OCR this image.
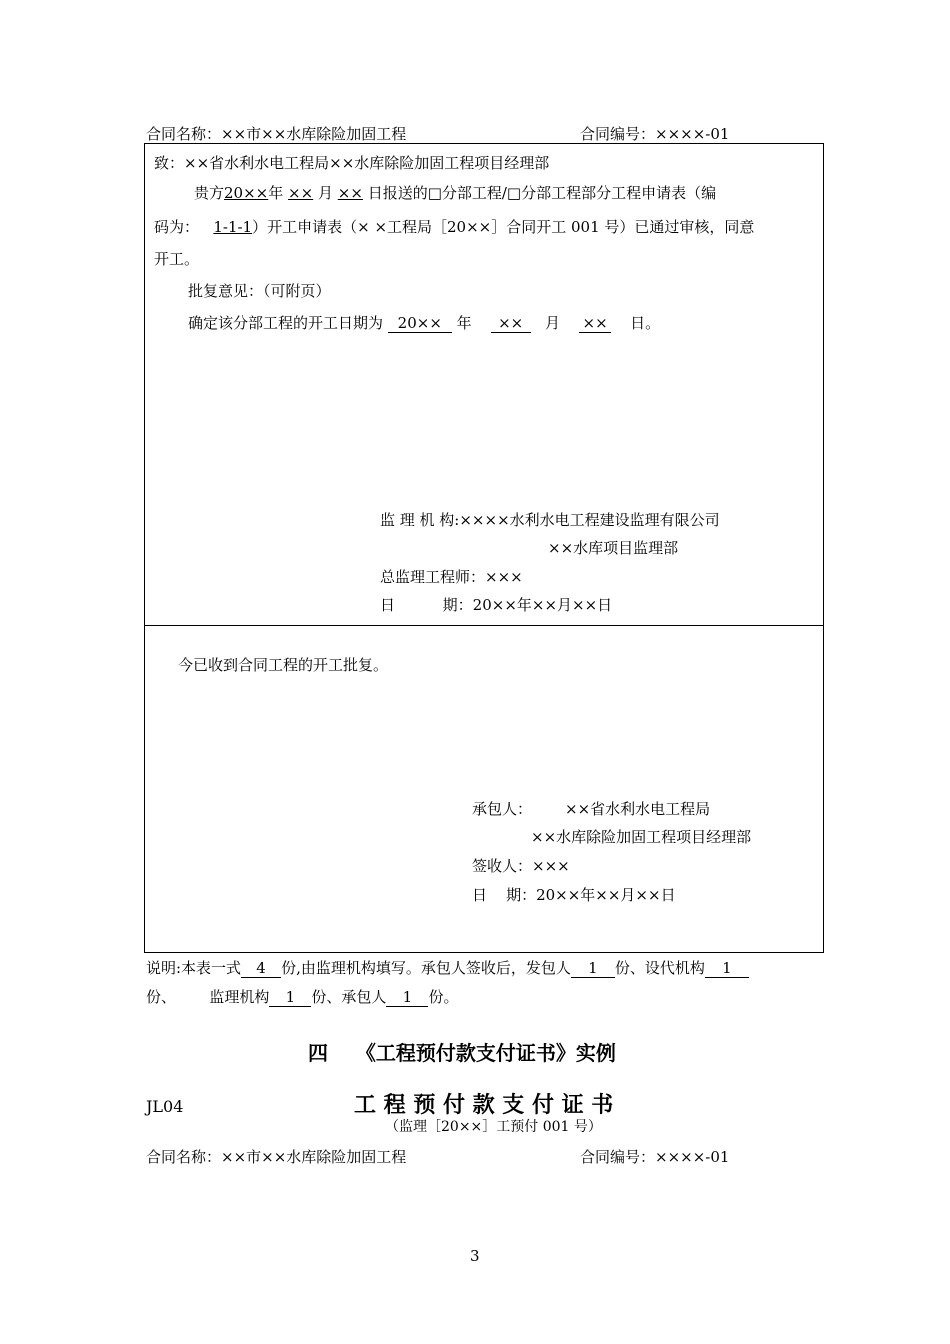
合同名称：××市××水库除险加固工程	合同编号：××××-01
致：××省水利水电工程局××水库除险加固工程项目经理部
贵方20××年 ×× 月 ×× 日报送的□分部工程/□分部工程部分工程申请表（编
码为： 1-1-1）开工申请表（× ×工程局［20××］合同开工 001 号）已通过审核，同意
开工。
批复意见：（可附页）
确定该分部工程的开工日期为 20×× 年 ×× 月 ×× 日。
监 理 机 构:××××水利水电工程建设监理有限公司
××水库项目监理部
总监理工程师：×××
日          期：20××年××月××日
今已收到合同工程的开工批复。
承包人： ××省水利水电工程局
××水库除险加固工程项目经理部
签收人：×××
日    期：20××年××月××日
说明:本表一式 4 份,由监理机构填写。承包人签收后，发包人 1 份、设代机构 1
份、 监理机构 1 份、承包人 1 份。
四    《工程预付款支付证书》实例
JL04	工 程 预 付 款 支 付 证 书
（监理［20××］工预付 001 号）
合同名称：××市××水库除险加固工程	合同编号：××××-01
3
